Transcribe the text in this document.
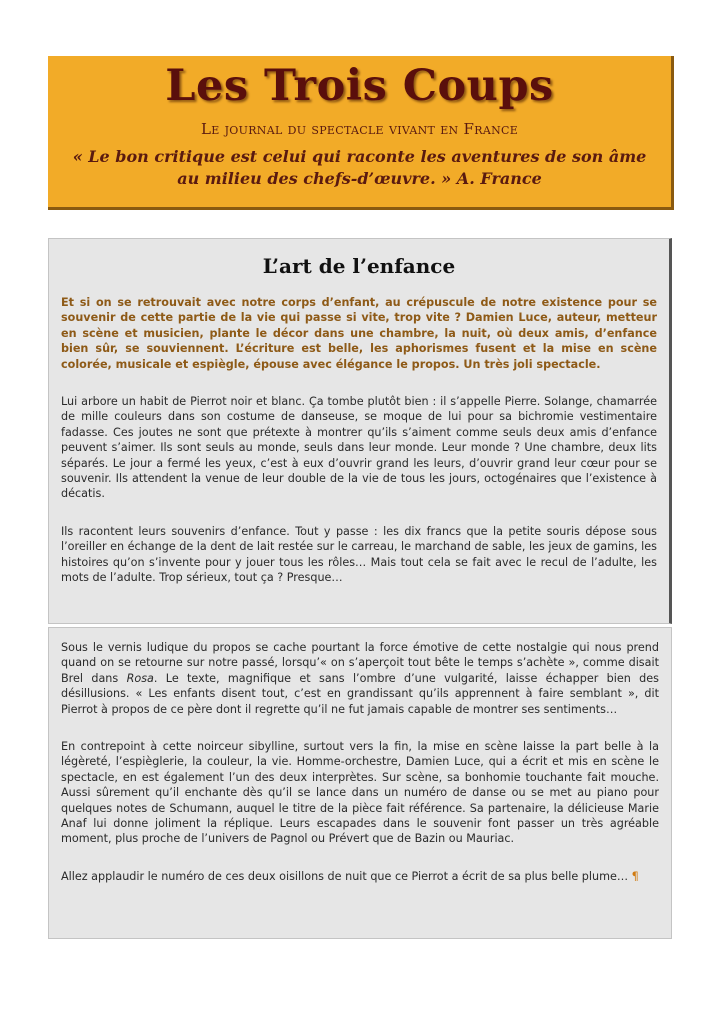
Les Trois Coups
Le journal du spectacle vivant en France
« Le bon critique est celui qui raconte les aventures de son âme
au milieu des chefs-d’œuvre. » A. France
L’art de l’enfance

Et si on se retrouvait avec notre corps d’enfant, au crépuscule de notre existence pour se souvenir de cette partie de la vie qui passe si vite, trop vite ? Damien Luce, auteur, metteur en scène et musicien, plante le décor dans une chambre, la nuit, où deux amis, d’enfance bien sûr, se souviennent. L’écriture est belle, les aphorismes fusent et la mise en scène colorée, musicale et espiègle, épouse avec élégance le propos. Un très joli spectacle.

Lui arbore un habit de Pierrot noir et blanc. Ça tombe plutôt bien : il s’appelle Pierre. Solange, chamarrée de mille couleurs dans son costume de danseuse, se moque de lui pour sa bichromie vestimentaire fadasse. Ces joutes ne sont que prétexte à montrer qu’ils s’aiment comme seuls deux amis d’enfance peuvent s’aimer. Ils sont seuls au monde, seuls dans leur monde. Leur monde ? Une chambre, deux lits séparés. Le jour a fermé les yeux, c’est à eux d’ouvrir grand les leurs, d’ouvrir grand leur cœur pour se souvenir. Ils attendent la venue de leur double de la vie de tous les jours, octogénaires que l’existence à décatis.

Ils racontent leurs souvenirs d’enfance. Tout y passe : les dix francs que la petite souris dépose sous l’oreiller en échange de la dent de lait restée sur le carreau, le marchand de sable, les jeux de gamins, les histoires qu’on s’invente pour y jouer tous les rôles… Mais tout cela se fait avec le recul de l’adulte, les mots de l’adulte. Trop sérieux, tout ça ? Presque…

Sous le vernis ludique du propos se cache pourtant la force émotive de cette nostalgie qui nous prend quand on se retourne sur notre passé, lorsqu’« on s’aperçoit tout bête le temps s’achète », comme disait Brel dans Rosa. Le texte, magnifique et sans l’ombre d’une vulgarité, laisse échapper bien des désillusions. « Les enfants disent tout, c’est en grandissant qu’ils apprennent à faire semblant », dit Pierrot à propos de ce père dont il regrette qu’il ne fut jamais capable de montrer ses sentiments…

En contrepoint à cette noirceur sibylline, surtout vers la fin, la mise en scène laisse la part belle à la légèreté, l’espièglerie, la couleur, la vie. Homme-orchestre, Damien Luce, qui a écrit et mis en scène le spectacle, en est également l’un des deux interprètes. Sur scène, sa bonhomie touchante fait mouche. Aussi sûrement qu’il enchante dès qu’il se lance dans un numéro de danse ou se met au piano pour quelques notes de Schumann, auquel le titre de la pièce fait référence. Sa partenaire, la délicieuse Marie Anaf lui donne joliment la réplique. Leurs escapades dans le souvenir font passer un très agréable moment, plus proche de l’univers de Pagnol ou Prévert que de Bazin ou Mauriac.

Allez applaudir le numéro de ces deux oisillons de nuit que ce Pierrot a écrit de sa plus belle plume… ¶
